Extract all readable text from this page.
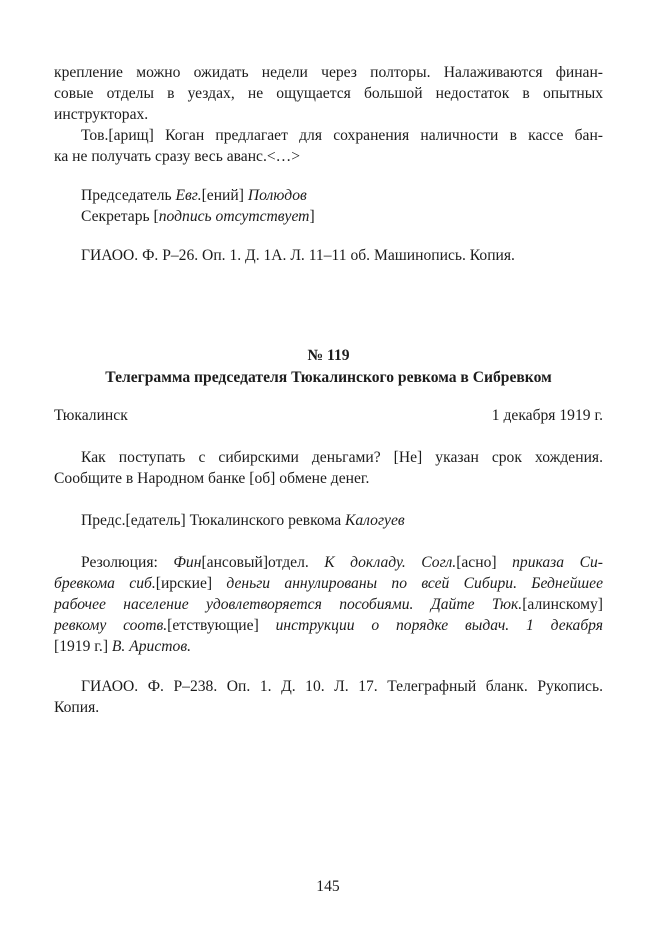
крепление можно ожидать недели через полторы. Налаживаются финан-
совые отделы в уездах, не ощущается большой недостаток в опытных
инструкторах.
Тов.[арищ] Коган предлагает для сохранения наличности в кассе бан-
ка не получать сразу весь аванс.<…>
Председатель Евг.[ений] Полюдов
Секретарь [подпись отсутствует]
ГИАОО. Ф. Р–26. Оп. 1. Д. 1А. Л. 11–11 об. Машинопись. Копия.
№ 119
Телеграмма председателя Тюкалинского ревкома в Сибревком
Тюкалинск	1 декабря 1919 г.
Как поступать с сибирскими деньгами? [Не] указан срок хождения.
Сообщите в Народном банке [об] обмене денег.
Предс.[едатель] Тюкалинского ревкома Калогуев
Резолюция: Фин[ансовый]отдел. К докладу. Согл.[асно] приказа Си-
бревкома сиб.[ирские] деньги аннулированы по всей Сибири. Беднейшее
рабочее население удовлетворяется пособиями. Дайте Тюк.[алинскому]
ревкому соотв.[етствующие] инструкции о порядке выдач. 1 декабря
[1919 г.] В. Аристов.
ГИАОО. Ф. Р–238. Оп. 1. Д. 10. Л. 17. Телеграфный бланк. Рукопись.
Копия.
145
